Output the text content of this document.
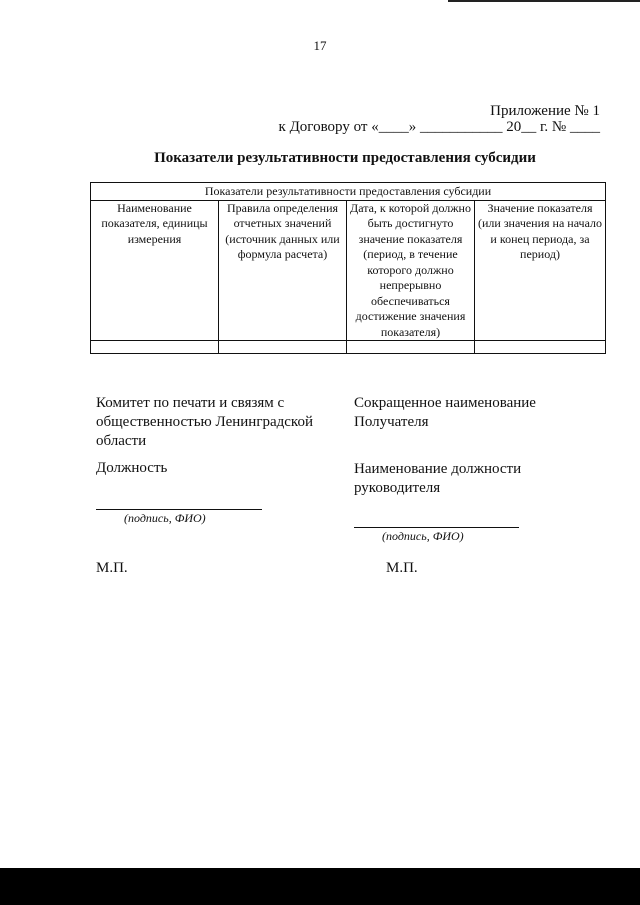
17
Приложение № 1
к Договору от «____» ___________ 20__ г. № ____
Показатели результативности предоставления субсидии
Показатели результативности предоставления субсидии			
Наименование показателя, единицы измерения	Правила определения отчетных значений (источник данных или формула расчета)	Дата, к которой должно быть достигнуто значение показателя (период, в течение которого должно непрерывно обеспечиваться достижение значения показателя)	Значение показателя (или значения на начало и конец периода, за период)

Комитет по печати и связям с общественностью Ленинградской области
Сокращенное наименование Получателя
Должность	Наименование должности руководителя
(подпись, ФИО)
(подпись, ФИО)
М.П.	М.П.
